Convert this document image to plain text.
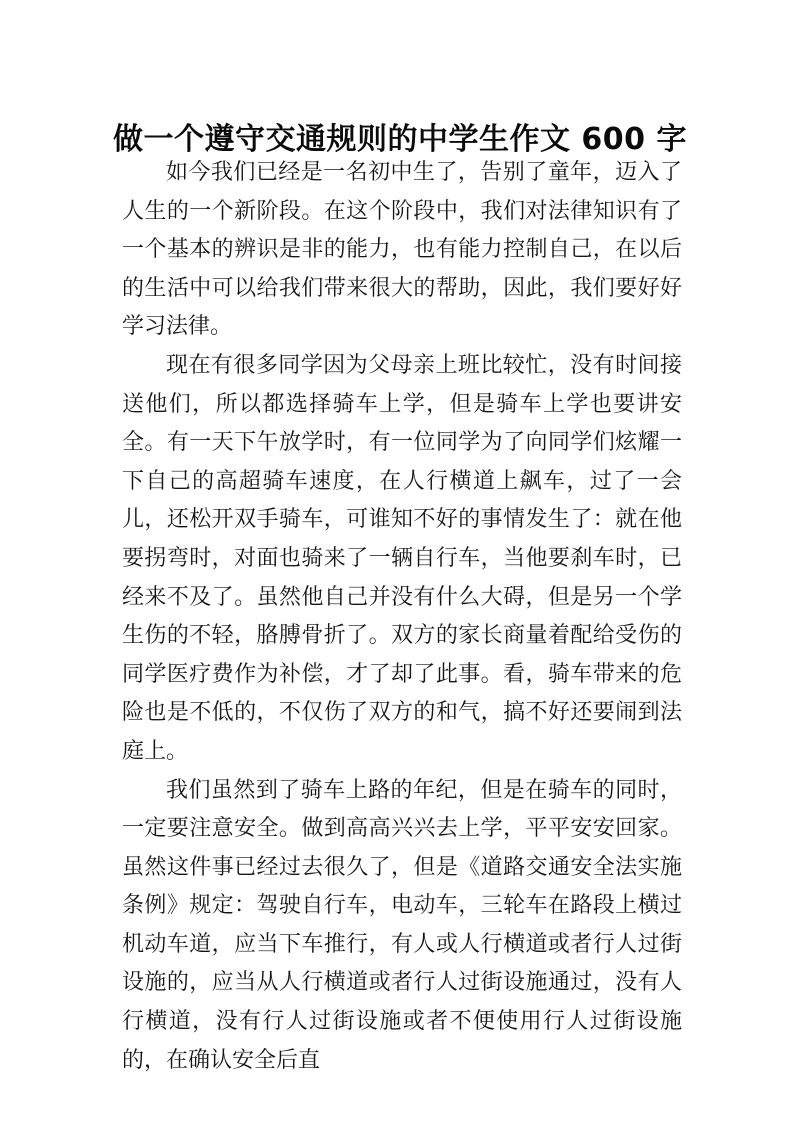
做一个遵守交通规则的中学生作文 600 字

如今我们已经是一名初中生了，告别了童年，迈入了人生的一个新阶段。在这个阶段中，我们对法律知识有了一个基本的辨识是非的能力，也有能力控制自己，在以后的生活中可以给我们带来很大的帮助，因此，我们要好好学习法律。

现在有很多同学因为父母亲上班比较忙，没有时间接送他们，所以都选择骑车上学，但是骑车上学也要讲安全。有一天下午放学时，有一位同学为了向同学们炫耀一下自己的高超骑车速度，在人行横道上飙车，过了一会儿，还松开双手骑车，可谁知不好的事情发生了：就在他要拐弯时，对面也骑来了一辆自行车，当他要刹车时，已经来不及了。虽然他自己并没有什么大碍，但是另一个学生伤的不轻，胳膊骨折了。双方的家长商量着配给受伤的同学医疗费作为补偿，才了却了此事。看，骑车带来的危险也是不低的，不仅伤了双方的和气，搞不好还要闹到法庭上。

我们虽然到了骑车上路的年纪，但是在骑车的同时，一定要注意安全。做到高高兴兴去上学，平平安安回家。虽然这件事已经过去很久了，但是《道路交通安全法实施条例》规定：驾驶自行车，电动车，三轮车在路段上横过机动车道，应当下车推行，有人或人行横道或者行人过街设施的，应当从人行横道或者行人过街设施通过，没有人行横道，没有行人过街设施或者不便使用行人过街设施的，在确认安全后直
